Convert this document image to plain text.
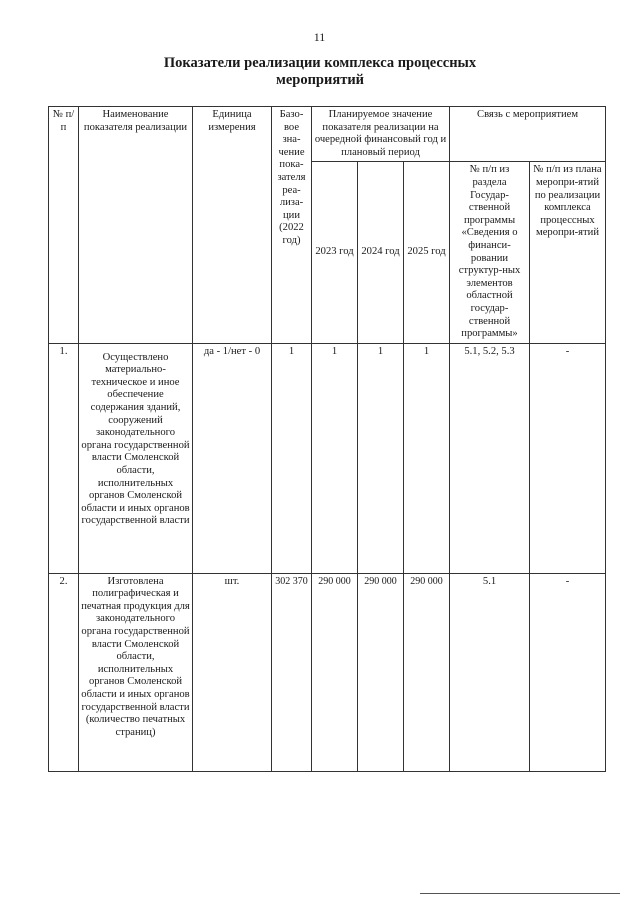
11
Показатели реализации комплекса процессных
мероприятий
№ п/п	Наименование показателя реализации	Единица измерения	Базо-вое зна-чение пока-зателя реа-лиза-ции (2022 год)	Планируемое значение показателя реализации на очередной финансовый год и плановый период			Связь с мероприятием	

				2023 год	2024 год	2025 год	№ п/п из раздела Государ-ственной программы «Сведения о финанси-ровании структур-ных элементов областной государ-ственной программы»	№ п/п из плана меропри-ятий по реализации комплекса процессных меропри-ятий
1.	Осуществлено материально-техническое и иное обеспечение содержания зданий, сооружений законодательного органа государственной власти Смоленской области, исполнительных органов Смоленской области и иных органов государственной власти	да - 1/нет - 0	1	1	1	1	5.1, 5.2, 5.3	-
2.	Изготовлена полиграфическая и печатная продукция для законодательного органа государственной власти Смоленской области, исполнительных органов Смоленской области и иных органов государственной власти (количество печатных страниц)	шт.	302 370	290 000	290 000	290 000	5.1	-
